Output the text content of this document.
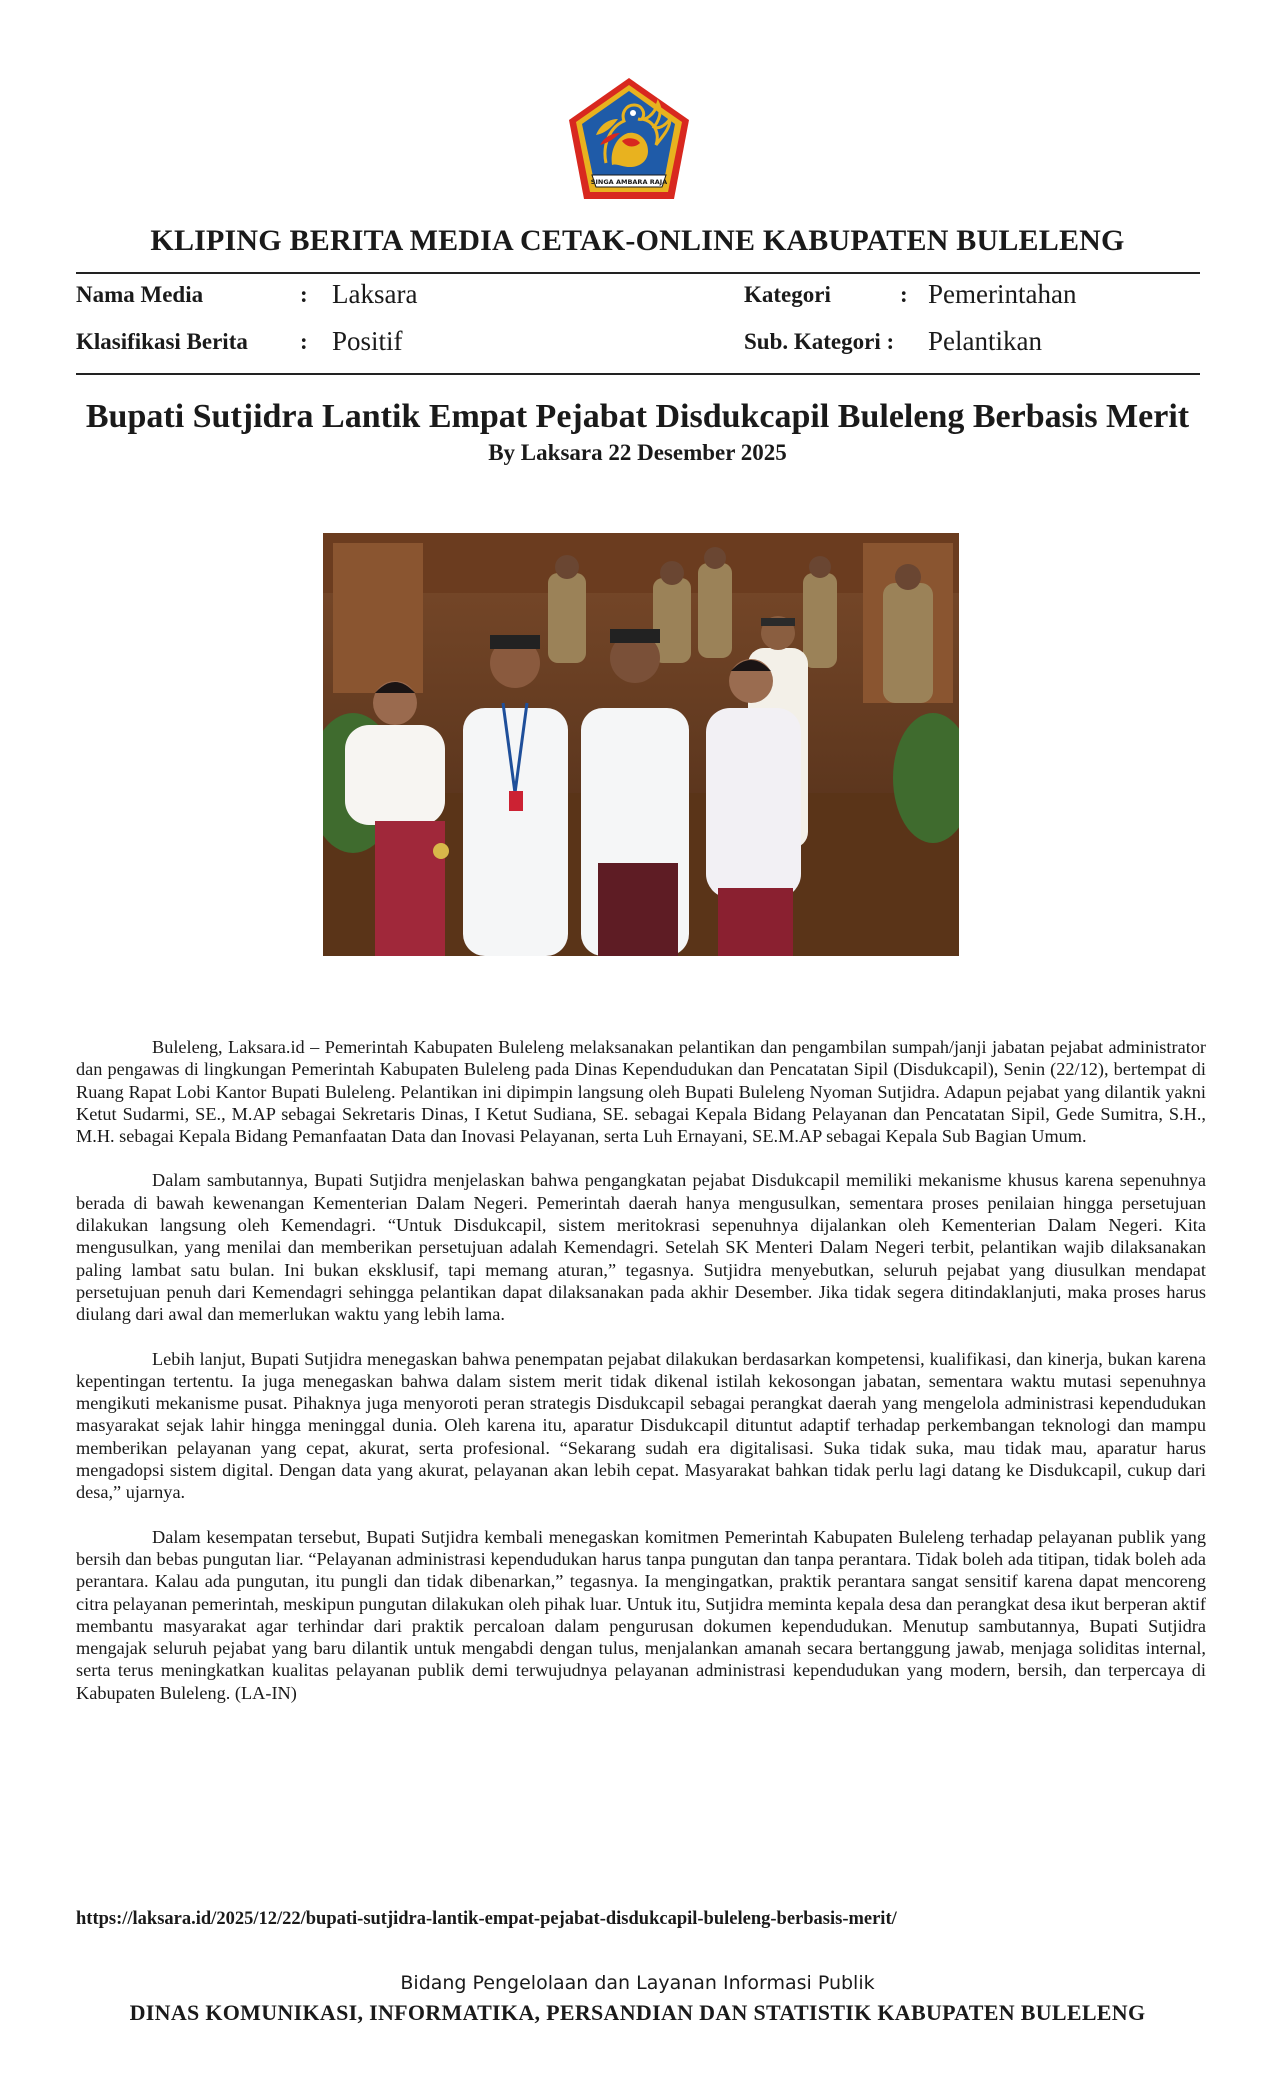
SINGA AMBARA RAJA
KLIPING BERITA MEDIA CETAK-ONLINE KABUPATEN BULELENG
Nama Media	: Laksara
Klasifikasi Berita : Positif
Kategori	: Pemerintahan
Sub. Kategori : Pelantikan
Bupati Sutjidra Lantik Empat Pejabat Disdukcapil Buleleng Berbasis Merit
By Laksara 22 Desember 2025

Buleleng, Laksara.id – Pemerintah Kabupaten Buleleng melaksanakan pelantikan dan pengambilan sumpah/janji jabatan pejabat administrator dan pengawas di lingkungan Pemerintah Kabupaten Buleleng pada Dinas Kependudukan dan Pencatatan Sipil (Disdukcapil), Senin (22/12), bertempat di Ruang Rapat Lobi Kantor Bupati Buleleng. Pelantikan ini dipimpin langsung oleh Bupati Buleleng Nyoman Sutjidra. Adapun pejabat yang dilantik yakni Ketut Sudarmi, SE., M.AP sebagai Sekretaris Dinas, I Ketut Sudiana, SE. sebagai Kepala Bidang Pelayanan dan Pencatatan Sipil, Gede Sumitra, S.H., M.H. sebagai Kepala Bidang Pemanfaatan Data dan Inovasi Pelayanan, serta Luh Ernayani, SE.M.AP sebagai Kepala Sub Bagian Umum.

Dalam sambutannya, Bupati Sutjidra menjelaskan bahwa pengangkatan pejabat Disdukcapil memiliki mekanisme khusus karena sepenuhnya berada di bawah kewenangan Kementerian Dalam Negeri. Pemerintah daerah hanya mengusulkan, sementara proses penilaian hingga persetujuan dilakukan langsung oleh Kemendagri. “Untuk Disdukcapil, sistem meritokrasi sepenuhnya dijalankan oleh Kementerian Dalam Negeri. Kita mengusulkan, yang menilai dan memberikan persetujuan adalah Kemendagri. Setelah SK Menteri Dalam Negeri terbit, pelantikan wajib dilaksanakan paling lambat satu bulan. Ini bukan eksklusif, tapi memang aturan,” tegasnya. Sutjidra menyebutkan, seluruh pejabat yang diusulkan mendapat persetujuan penuh dari Kemendagri sehingga pelantikan dapat dilaksanakan pada akhir Desember. Jika tidak segera ditindaklanjuti, maka proses harus diulang dari awal dan memerlukan waktu yang lebih lama.

Lebih lanjut, Bupati Sutjidra menegaskan bahwa penempatan pejabat dilakukan berdasarkan kompetensi, kualifikasi, dan kinerja, bukan karena kepentingan tertentu. Ia juga menegaskan bahwa dalam sistem merit tidak dikenal istilah kekosongan jabatan, sementara waktu mutasi sepenuhnya mengikuti mekanisme pusat. Pihaknya juga menyoroti peran strategis Disdukcapil sebagai perangkat daerah yang mengelola administrasi kependudukan masyarakat sejak lahir hingga meninggal dunia. Oleh karena itu, aparatur Disdukcapil dituntut adaptif terhadap perkembangan teknologi dan mampu memberikan pelayanan yang cepat, akurat, serta profesional. “Sekarang sudah era digitalisasi. Suka tidak suka, mau tidak mau, aparatur harus mengadopsi sistem digital. Dengan data yang akurat, pelayanan akan lebih cepat. Masyarakat bahkan tidak perlu lagi datang ke Disdukcapil, cukup dari desa,” ujarnya.

Dalam kesempatan tersebut, Bupati Sutjidra kembali menegaskan komitmen Pemerintah Kabupaten Buleleng terhadap pelayanan publik yang bersih dan bebas pungutan liar. “Pelayanan administrasi kependudukan harus tanpa pungutan dan tanpa perantara. Tidak boleh ada titipan, tidak boleh ada perantara. Kalau ada pungutan, itu pungli dan tidak dibenarkan,” tegasnya. Ia mengingatkan, praktik perantara sangat sensitif karena dapat mencoreng citra pelayanan pemerintah, meskipun pungutan dilakukan oleh pihak luar. Untuk itu, Sutjidra meminta kepala desa dan perangkat desa ikut berperan aktif membantu masyarakat agar terhindar dari praktik percaloan dalam pengurusan dokumen kependudukan. Menutup sambutannya, Bupati Sutjidra mengajak seluruh pejabat yang baru dilantik untuk mengabdi dengan tulus, menjalankan amanah secara bertanggung jawab, menjaga soliditas internal, serta terus meningkatkan kualitas pelayanan publik demi terwujudnya pelayanan administrasi kependudukan yang modern, bersih, dan terpercaya di Kabupaten Buleleng. (LA-IN)

https://laksara.id/2025/12/22/bupati-sutjidra-lantik-empat-pejabat-disdukcapil-buleleng-berbasis-merit/
Bidang Pengelolaan dan Layanan Informasi Publik
DINAS KOMUNIKASI, INFORMATIKA, PERSANDIAN DAN STATISTIK KABUPATEN BULELENG
